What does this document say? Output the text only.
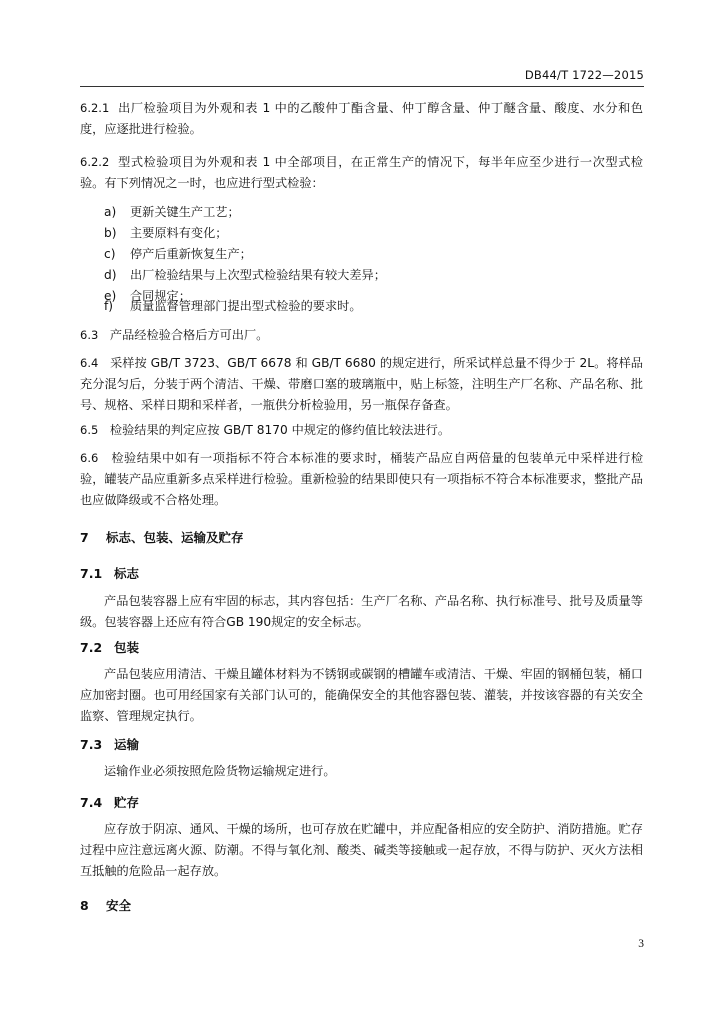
DB44/T 1722—2015
6.2.1 出厂检验项目为外观和表 1 中的乙酸仲丁酯含量、仲丁醇含量、仲丁醚含量、酸度、水分和色度，应逐批进行检验。
6.2.2 型式检验项目为外观和表 1 中全部项目，在正常生产的情况下，每半年应至少进行一次型式检验。有下列情况之一时，也应进行型式检验：
a) 更新关键生产工艺；
b) 主要原料有变化；
c) 停产后重新恢复生产；
d) 出厂检验结果与上次型式检验结果有较大差异；
e) 合同规定；
f) 质量监督管理部门提出型式检验的要求时。
6.3 产品经检验合格后方可出厂。
6.4 采样按 GB/T 3723、GB/T 6678 和 GB/T 6680 的规定进行，所采试样总量不得少于 2L。将样品充分混匀后，分装于两个清洁、干燥、带磨口塞的玻璃瓶中，贴上标签，注明生产厂名称、产品名称、批号、规格、采样日期和采样者，一瓶供分析检验用，另一瓶保存备查。
6.5 检验结果的判定应按 GB/T 8170 中规定的修约值比较法进行。
6.6 检验结果中如有一项指标不符合本标准的要求时，桶装产品应自两倍量的包装单元中采样进行检验，罐装产品应重新多点采样进行检验。重新检验的结果即使只有一项指标不符合本标准要求，整批产品也应做降级或不合格处理。
7 标志、包装、运输及贮存
7.1 标志
产品包装容器上应有牢固的标志，其内容包括：生产厂名称、产品名称、执行标准号、批号及质量等级。包装容器上还应有符合GB 190规定的安全标志。
7.2 包装
产品包装应用清洁、干燥且罐体材料为不锈钢或碳钢的槽罐车或清洁、干燥、牢固的钢桶包装，桶口应加密封圈。也可用经国家有关部门认可的，能确保安全的其他容器包装、灌装，并按该容器的有关安全监察、管理规定执行。
7.3 运输
运输作业必须按照危险货物运输规定进行。
7.4 贮存
应存放于阴凉、通风、干燥的场所，也可存放在贮罐中，并应配备相应的安全防护、消防措施。贮存过程中应注意远离火源、防潮。不得与氧化剂、酸类、碱类等接触或一起存放，不得与防护、灭火方法相互抵触的危险品一起存放。
8 安全
3
